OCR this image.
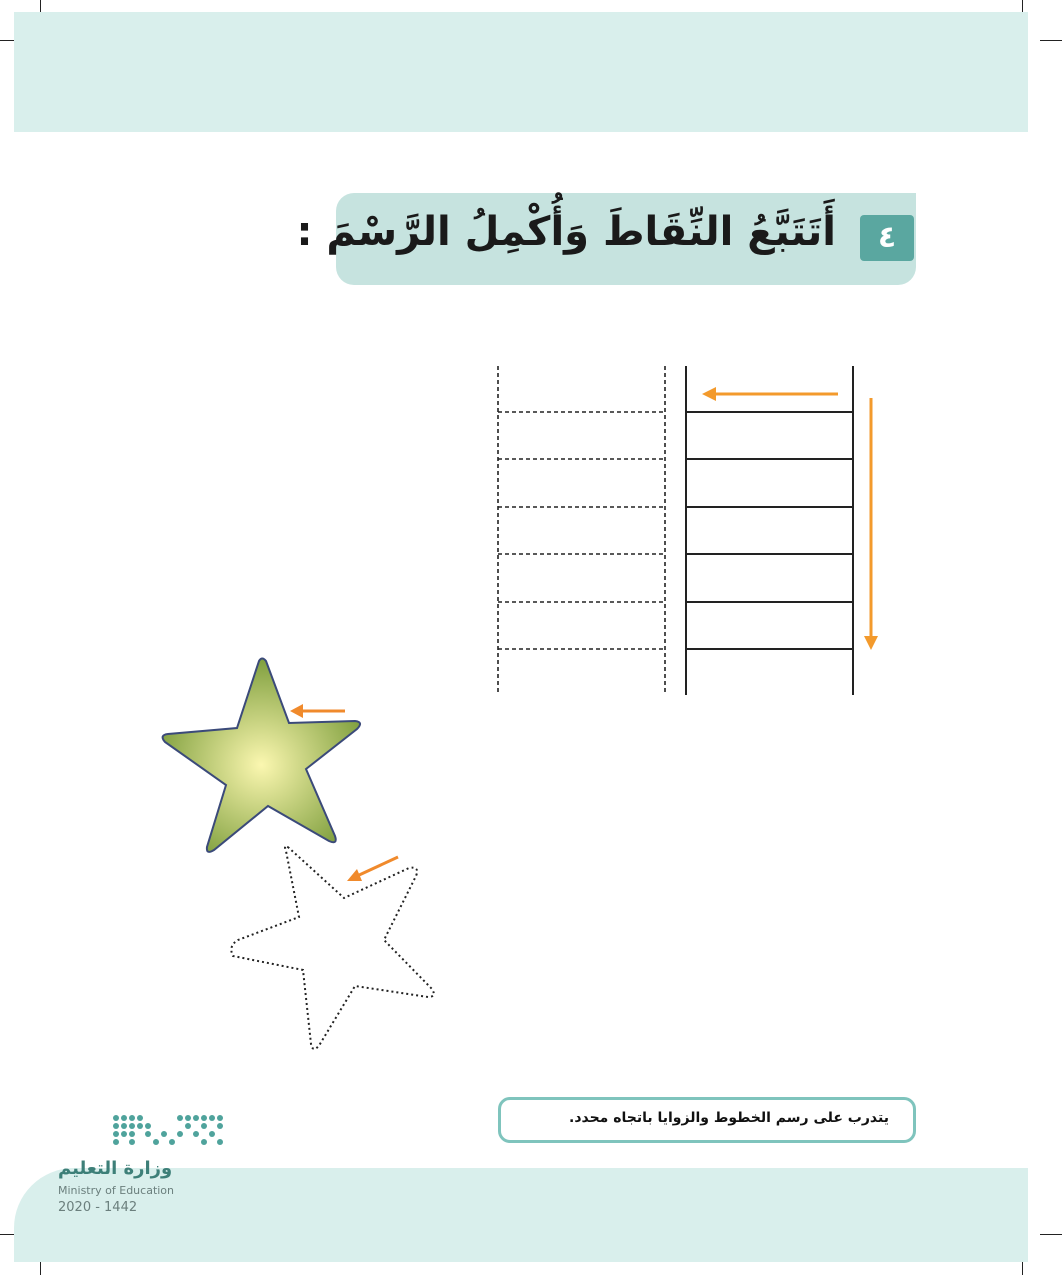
أَتَتَبَّعُ النِّقَاطَ وَأُكْمِلُ الرَّسْمَ :	٤
يتدرب على رسم الخطوط والزوايا باتجاه محدد.
وزارة التعليم
Ministry of Education
2020 - 1442
